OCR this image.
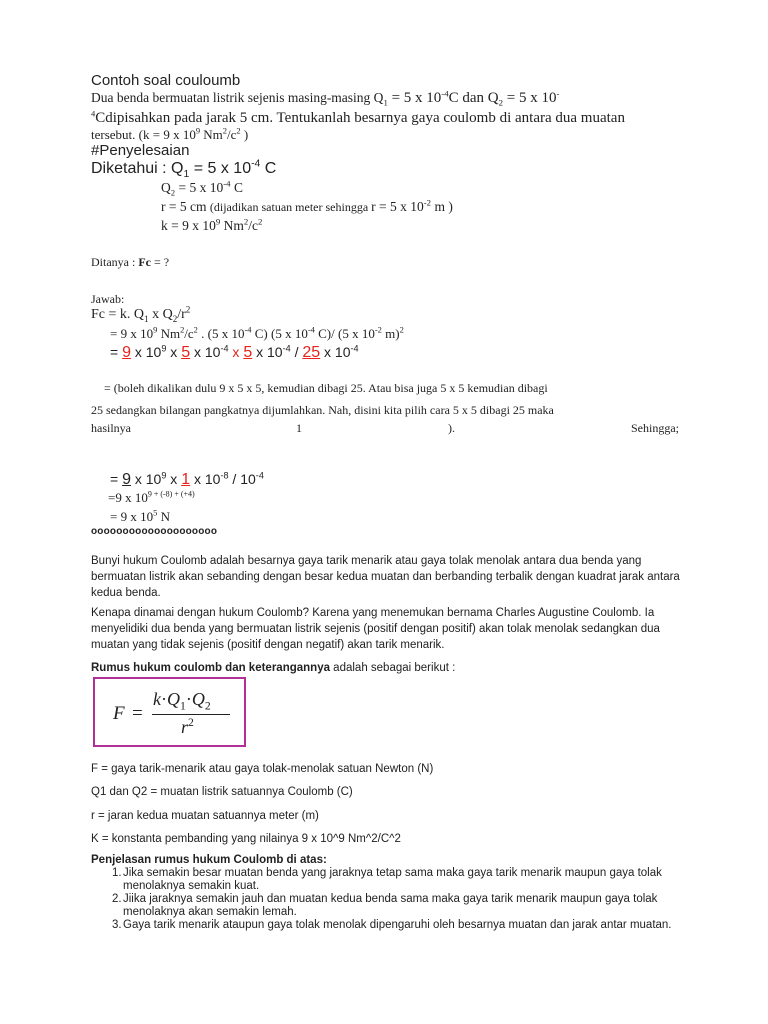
Contoh soal couloumb
Dua benda bermuatan listrik sejenis masing-masing $Q_1 = 5$ x $10^{-4}C$ dan $Q_2 = 5$ x 10-
$^4$Cdipisahkan pada jarak 5 cm. Tentukanlah besarnya gaya coulomb di antara dua muatan
tersebut. (k = 9 x $10^9$ $Nm^2/c^2$ )
#Penyelesaian
Diketahui : $Q_1 = 5$ x $10^{-4}$ C
$Q_2 = 5$ x $10^{-4}$ C
r = 5 cm (dijadikan satuan meter sehingga r = 5 x $10^{-2}$ m )
k = 9 x $10^9$ $Nm^2/c^2$
Ditanya : Fc = ?
Jawab:
Fc = k. $Q_1$ x $Q_2/r^2$
= 9 x $10^9$ $Nm^2/c^2$ . (5 x $10^{-4}$ C) (5 x $10^{-4}$ C)/ (5 x $10^{-2}$ m)$^2$
= 9 x $10^9$ x 5 x $10^{-4}$ x 5 x $10^{-4} / 25$ x $10^{-4}$
= (boleh dikalikan dulu 9 x 5 x 5, kemudian dibagi 25. Atau bisa juga 5 x 5 kemudian dibagi
25 sedangkan bilangan pangkatnya dijumlahkan. Nah, disini kita pilih cara 5 x 5 dibagi 25 maka
hasilnya	1	).	Sehingga;
= 9 x $10^9$ x 1 x $10^{-8} / 10^{-4}$
=9 x $10^{9 + (-8) + (+4)}$
= 9 x $10^5$ N
oooooooooooooooooooo
Bunyi hukum Coulomb adalah besarnya gaya tarik menarik atau gaya tolak menolak antara dua benda yang bermuatan listrik akan sebanding dengan besar kedua muatan dan berbanding terbalik dengan kuadrat jarak antara kedua benda.
Kenapa dinamai dengan hukum Coulomb? Karena yang menemukan bernama Charles Augustine Coulomb. Ia menyelidiki dua benda yang bermuatan listrik sejenis (positif dengan positif) akan tolak menolak sedangkan dua muatan yang tidak sejenis (positif dengan negatif) akan tarik menarik.
Rumus hukum coulomb dan keterangannya adalah sebagai berikut :
F =
$k\cdot Q_1\cdot Q_2$
$r^2$
F = gaya tarik-menarik atau gaya tolak-menolak satuan Newton (N)
Q1 dan Q2 = muatan listrik satuannya Coulomb (C)
r = jaran kedua muatan satuannya meter (m)
K = konstanta pembanding yang nilainya 9 x 10^9 Nm^2/C^2
Penjelasan rumus hukum Coulomb di atas:
1. Jika semakin besar muatan benda yang jaraknya tetap sama maka gaya tarik menarik maupun gaya tolak menolaknya semakin kuat.
2. Jiika jaraknya semakin jauh dan muatan kedua benda sama maka gaya tarik menarik maupun gaya tolak menolaknya akan semakin lemah.
3. Gaya tarik menarik ataupun gaya tolak menolak dipengaruhi oleh besarnya muatan dan jarak antar muatan.
